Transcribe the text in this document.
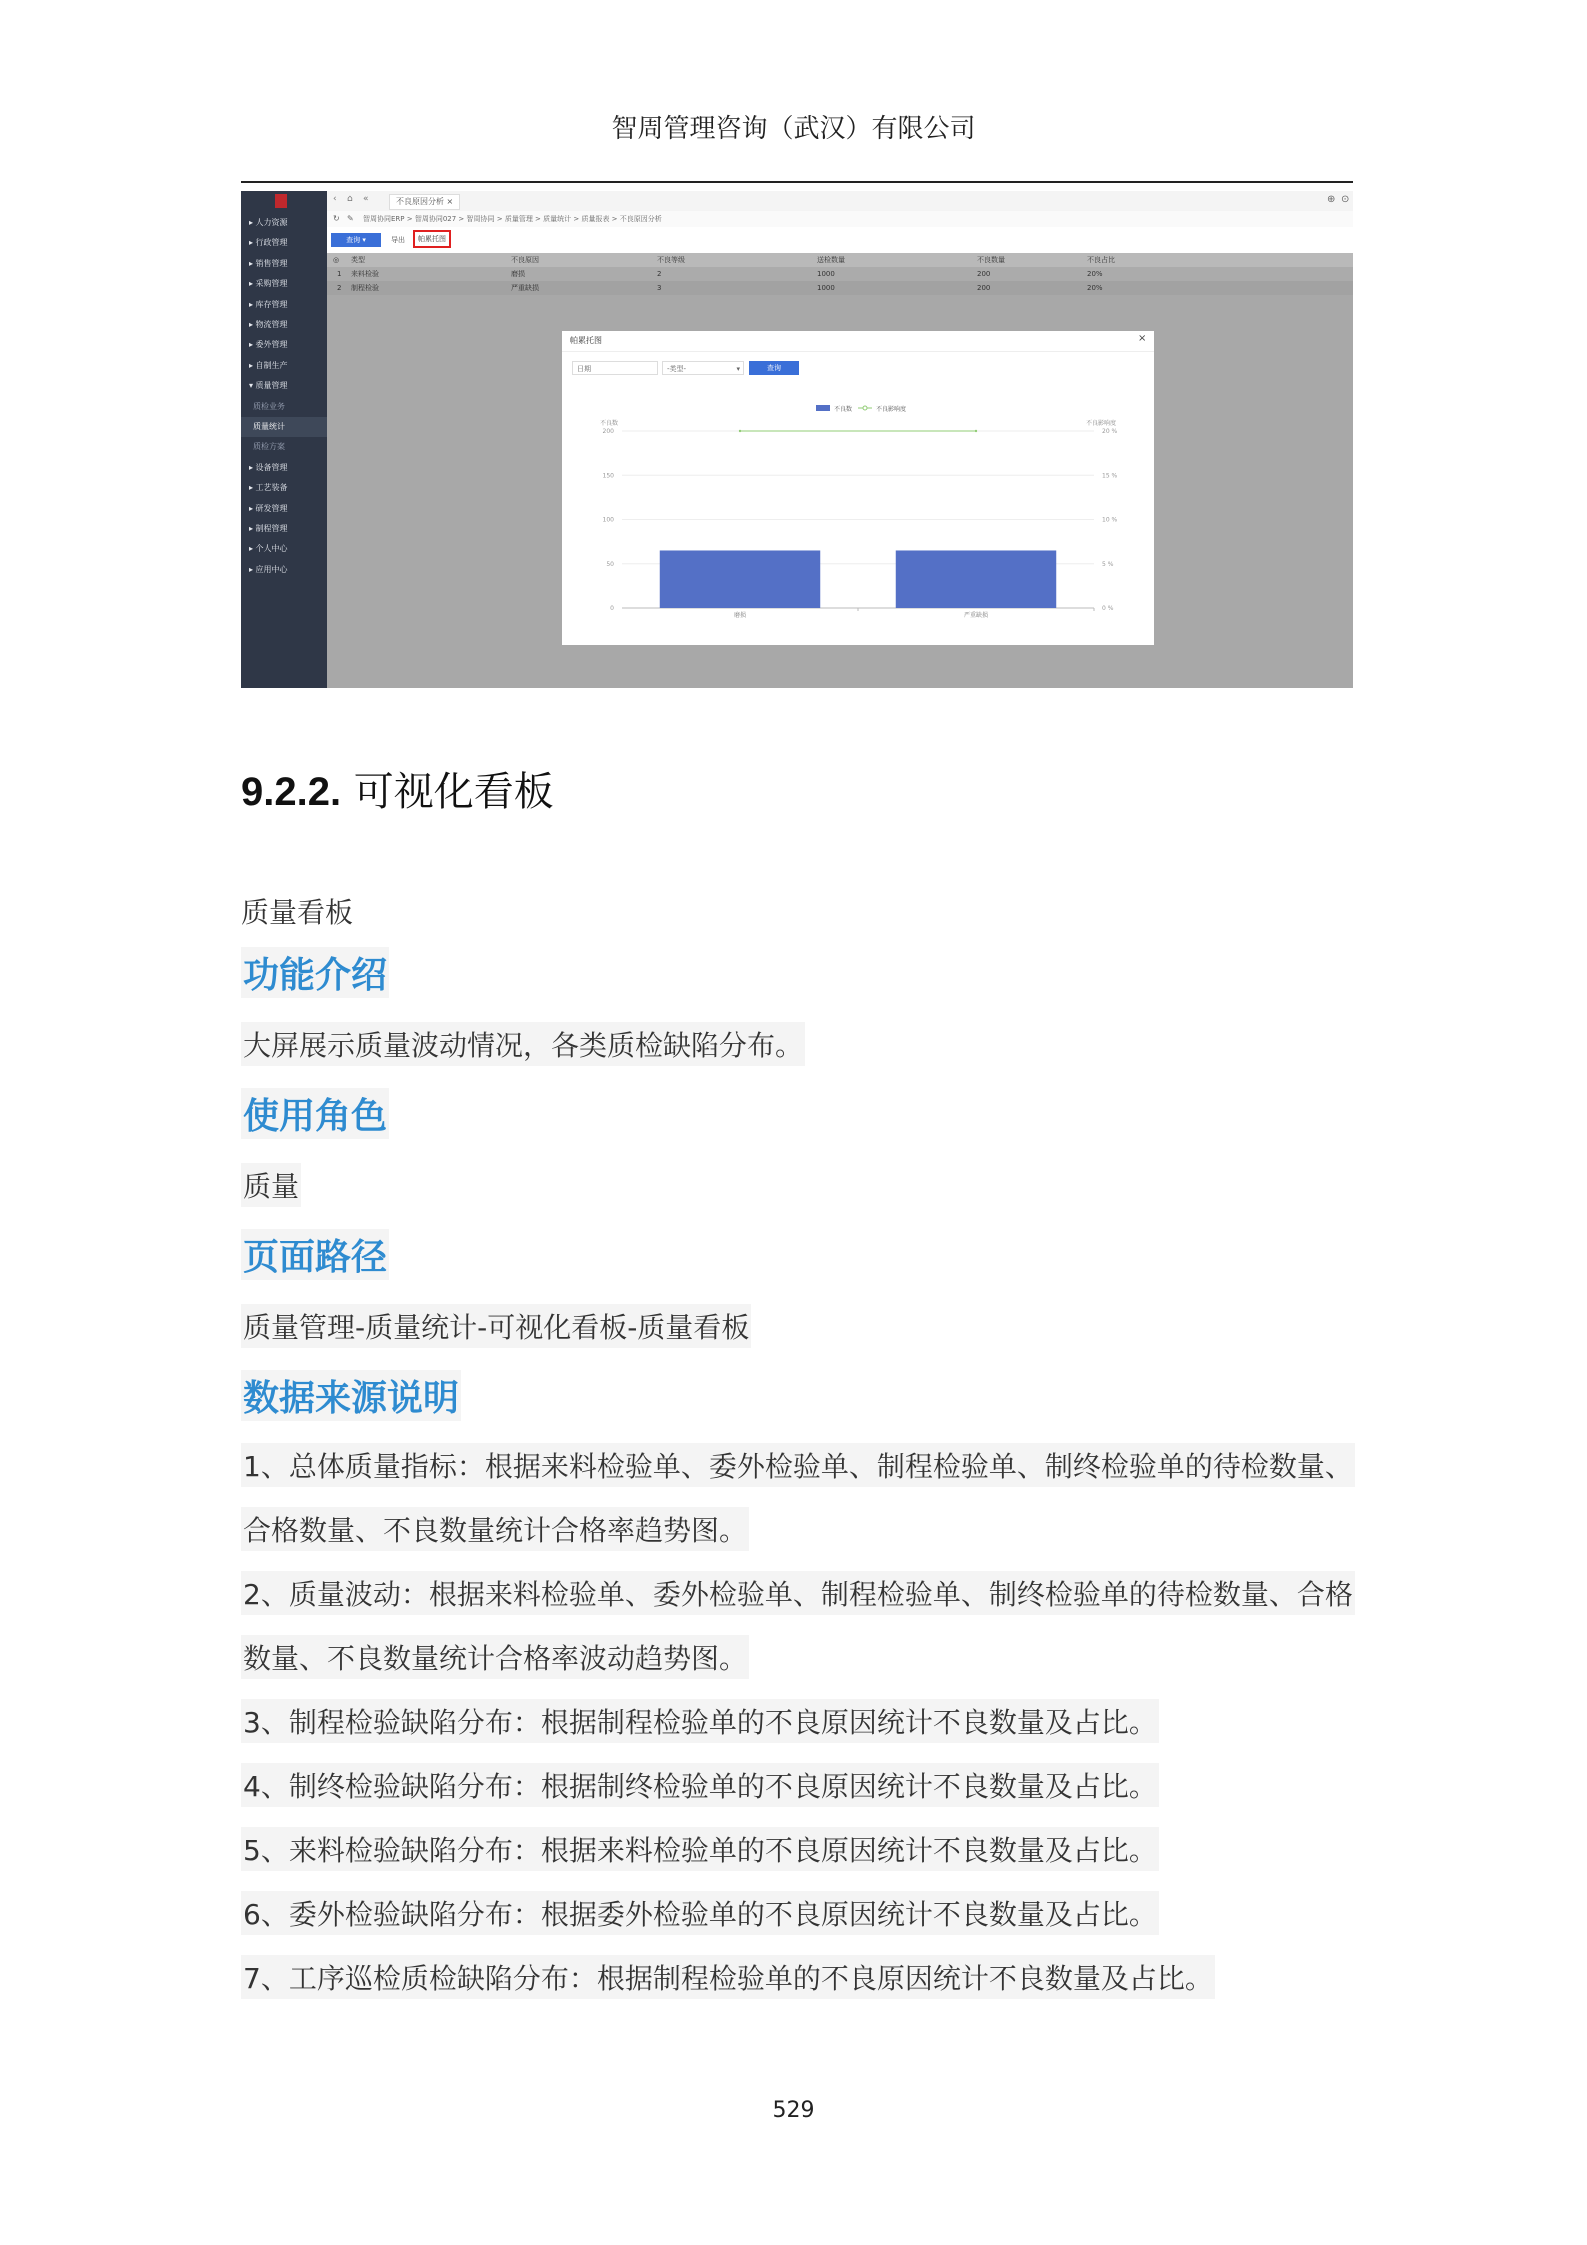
智周管理咨询（武汉）有限公司
▸ 人力资源
▸ 行政管理
▸ 销售管理
▸ 采购管理
▸ 库存管理
▸ 物流管理
▸ 委外管理
▸ 自制生产
▾ 质量管理
质检业务
质量统计
质检方案
▸ 设备管理
▸ 工艺装备
▸ 研发管理
▸ 制程管理
▸ 个人中心
▸ 应用中心
‹ ⌂ «	不良原因分析 ×	⊕ ⊙
↻ ✎ 智周协同ERP > 智周协同027 > 智周协同 > 质量管理 > 质量统计 > 质量报表 > 不良原因分析
查询 ▾	导出	帕累托图
◎ 类型	不良原因	不良等级	送检数量	不良数量	不良占比
1 来料检验	磨损	2	1000	200	20%
2 制程检验	严重缺损	3	1000	200	20%
帕累托图	×
日期	-类型-	▾	查询
不良数	不良影响度
不良数	不良影响度
0
50
100
150
200
0 %
5 %
10 %
15 %
20 %
磨损	严重缺损
9.2.2. 可视化看板
质量看板
功能介绍
大屏展示质量波动情况，各类质检缺陷分布。
使用角色
质量
页面路径
质量管理-质量统计-可视化看板-质量看板
数据来源说明
1、总体质量指标：根据来料检验单、委外检验单、制程检验单、制终检验单的待检数量、
合格数量、不良数量统计合格率趋势图。
2、质量波动：根据来料检验单、委外检验单、制程检验单、制终检验单的待检数量、合格
数量、不良数量统计合格率波动趋势图。
3、制程检验缺陷分布：根据制程检验单的不良原因统计不良数量及占比。
4、制终检验缺陷分布：根据制终检验单的不良原因统计不良数量及占比。
5、来料检验缺陷分布：根据来料检验单的不良原因统计不良数量及占比。
6、委外检验缺陷分布：根据委外检验单的不良原因统计不良数量及占比。
7、工序巡检质检缺陷分布：根据制程检验单的不良原因统计不良数量及占比。
529
